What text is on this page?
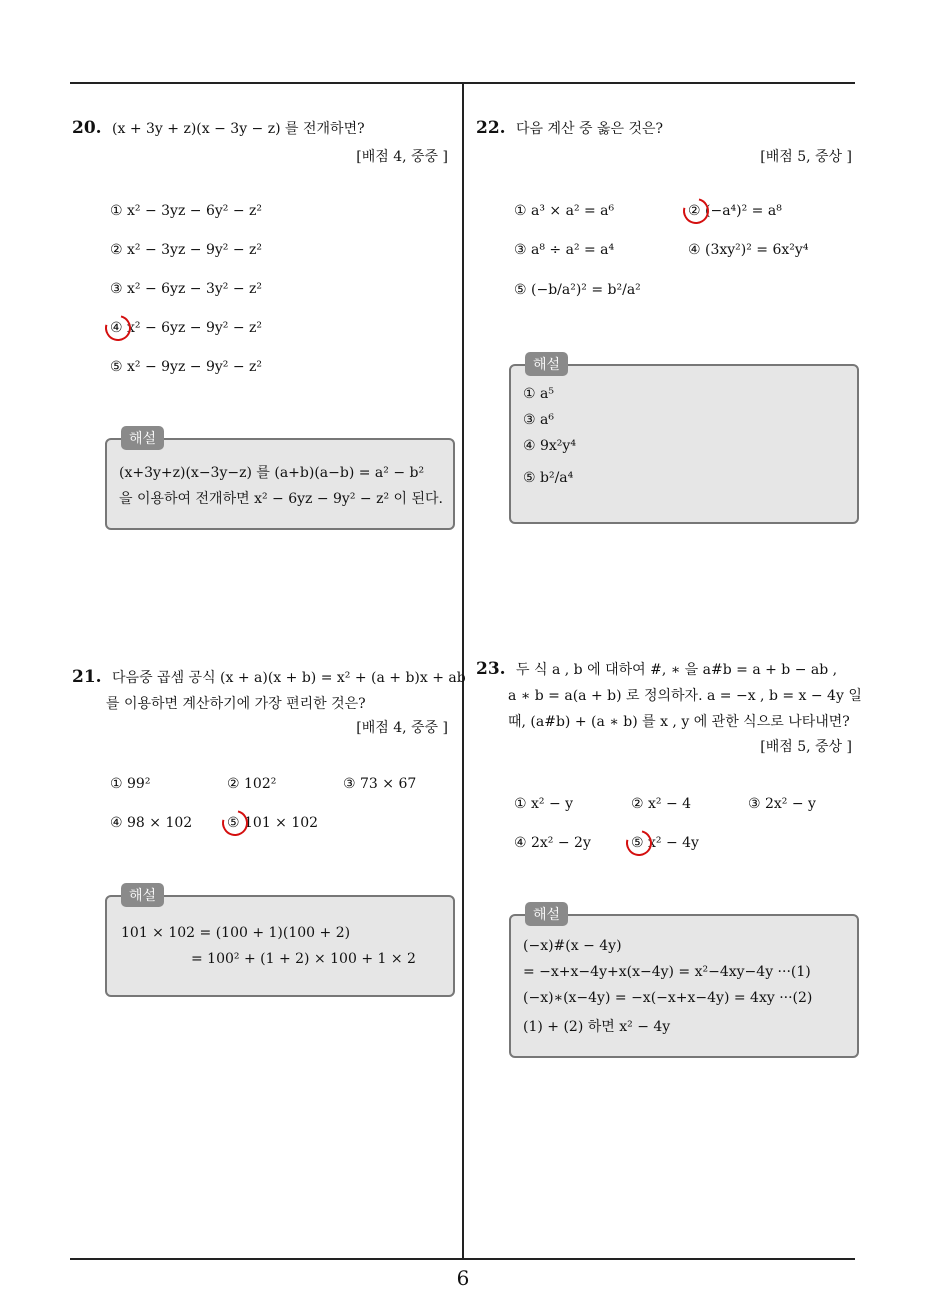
20. (x + 3y + z)(x − 3y − z) 를 전개하면?
[배점 4, 중중 ]
① x² − 3yz − 6y² − z²
② x² − 3yz − 9y² − z²
③ x² − 6yz − 3y² − z²
④ x² − 6yz − 9y² − z²
⑤ x² − 9yz − 9y² − z²
해설
(x+3y+z)(x−3y−z) 를 (a+b)(a−b) = a² − b²
을 이용하여 전개하면 x² − 6yz − 9y² − z² 이 된다.
21. 다음중 곱셈 공식 (x + a)(x + b) = x² + (a + b)x + ab
를 이용하면 계산하기에 가장 편리한 것은?
[배점 4, 중중 ]
① 99²	② 102²	③ 73 × 67
④ 98 × 102 ⑤ 101 × 102
해설
101 × 102 = (100 + 1)(100 + 2)
= 100² + (1 + 2) × 100 + 1 × 2
22. 다음 계산 중 옳은 것은?
[배점 5, 중상 ]
① a³ × a² = a⁶	② (−a⁴)² = a⁸
③ a⁸ ÷ a² = a⁴	④ (3xy²)² = 6x²y⁴
⑤ (−b/a²)² = b²/a²
해설
① a⁵
③ a⁶
④ 9x²y⁴
⑤ b²/a⁴
23. 두 식 a , b 에 대하여 #, ∗ 을 a#b = a + b − ab ,
a ∗ b = a(a + b) 로 정의하자. a = −x , b = x − 4y 일
때, (a#b) + (a ∗ b) 를 x , y 에 관한 식으로 나타내면?
[배점 5, 중상 ]
① x² − y	② x² − 4	③ 2x² − y
④ 2x² − 2y	⑤ x² − 4y
해설
(−x)#(x − 4y)
= −x+x−4y+x(x−4y) = x²−4xy−4y ···(1)
(−x)∗(x−4y) = −x(−x+x−4y) = 4xy ···(2)
(1) + (2) 하면 x² − 4y
6
